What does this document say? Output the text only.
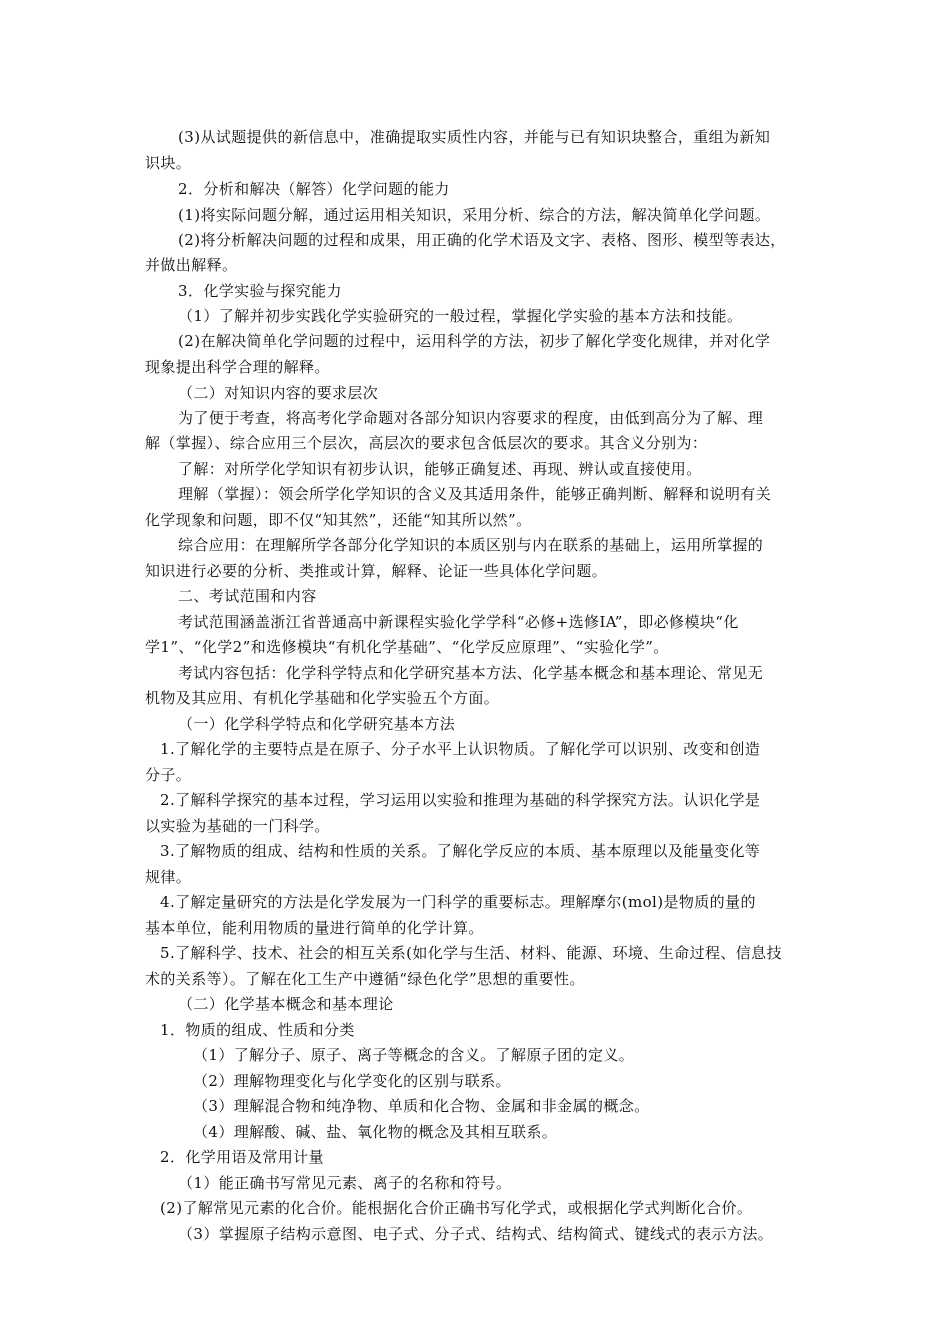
(3)从试题提供的新信息中，准确提取实质性内容，并能与已有知识块整合，重组为新知
识块。
2．分析和解决（解答）化学问题的能力
(1)将实际问题分解，通过运用相关知识，采用分析、综合的方法，解决简单化学问题。
(2)将分析解决问题的过程和成果，用正确的化学术语及文字、表格、图形、模型等表达，
并做出解释。
3．化学实验与探究能力
（1）了解并初步实践化学实验研究的一般过程，掌握化学实验的基本方法和技能。
(2)在解决简单化学问题的过程中，运用科学的方法，初步了解化学变化规律，并对化学
现象提出科学合理的解释。
（二）对知识内容的要求层次
为了便于考查，将高考化学命题对各部分知识内容要求的程度，由低到高分为了解、理
解（掌握）、综合应用三个层次，高层次的要求包含低层次的要求。其含义分别为：
了解：对所学化学知识有初步认识，能够正确复述、再现、辨认或直接使用。
理解（掌握）：领会所学化学知识的含义及其适用条件，能够正确判断、解释和说明有关
化学现象和问题，即不仅“知其然”，还能“知其所以然”。
综合应用：在理解所学各部分化学知识的本质区别与内在联系的基础上，运用所掌握的
知识进行必要的分析、类推或计算，解释、论证一些具体化学问题。
二、考试范围和内容
考试范围涵盖浙江省普通高中新课程实验化学学科“必修+选修IA”，即必修模块“化
学1”、“化学2”和选修模块“有机化学基础”、“化学反应原理”、“实验化学”。
考试内容包括：化学科学特点和化学研究基本方法、化学基本概念和基本理论、常见无
机物及其应用、有机化学基础和化学实验五个方面。
（一）化学科学特点和化学研究基本方法
1.了解化学的主要特点是在原子、分子水平上认识物质。了解化学可以识别、改变和创造
分子。
2.了解科学探究的基本过程，学习运用以实验和推理为基础的科学探究方法。认识化学是
以实验为基础的一门科学。
3.了解物质的组成、结构和性质的关系。了解化学反应的本质、基本原理以及能量变化等
规律。
4.了解定量研究的方法是化学发展为一门科学的重要标志。理解摩尔(mol)是物质的量的
基本单位，能利用物质的量进行简单的化学计算。
5.了解科学、技术、社会的相互关系(如化学与生活、材料、能源、环境、生命过程、信息技
术的关系等）。了解在化工生产中遵循“绿色化学”思想的重要性。
（二）化学基本概念和基本理论
1．物质的组成、性质和分类
（1）了解分子、原子、离子等概念的含义。了解原子团的定义。
（2）理解物理变化与化学变化的区别与联系。
（3）理解混合物和纯净物、单质和化合物、金属和非金属的概念。
（4）理解酸、碱、盐、氧化物的概念及其相互联系。
2．化学用语及常用计量
（1）能正确书写常见元素、离子的名称和符号。
(2)了解常见元素的化合价。能根据化合价正确书写化学式，或根据化学式判断化合价。
（3）掌握原子结构示意图、电子式、分子式、结构式、结构简式、键线式的表示方法。
